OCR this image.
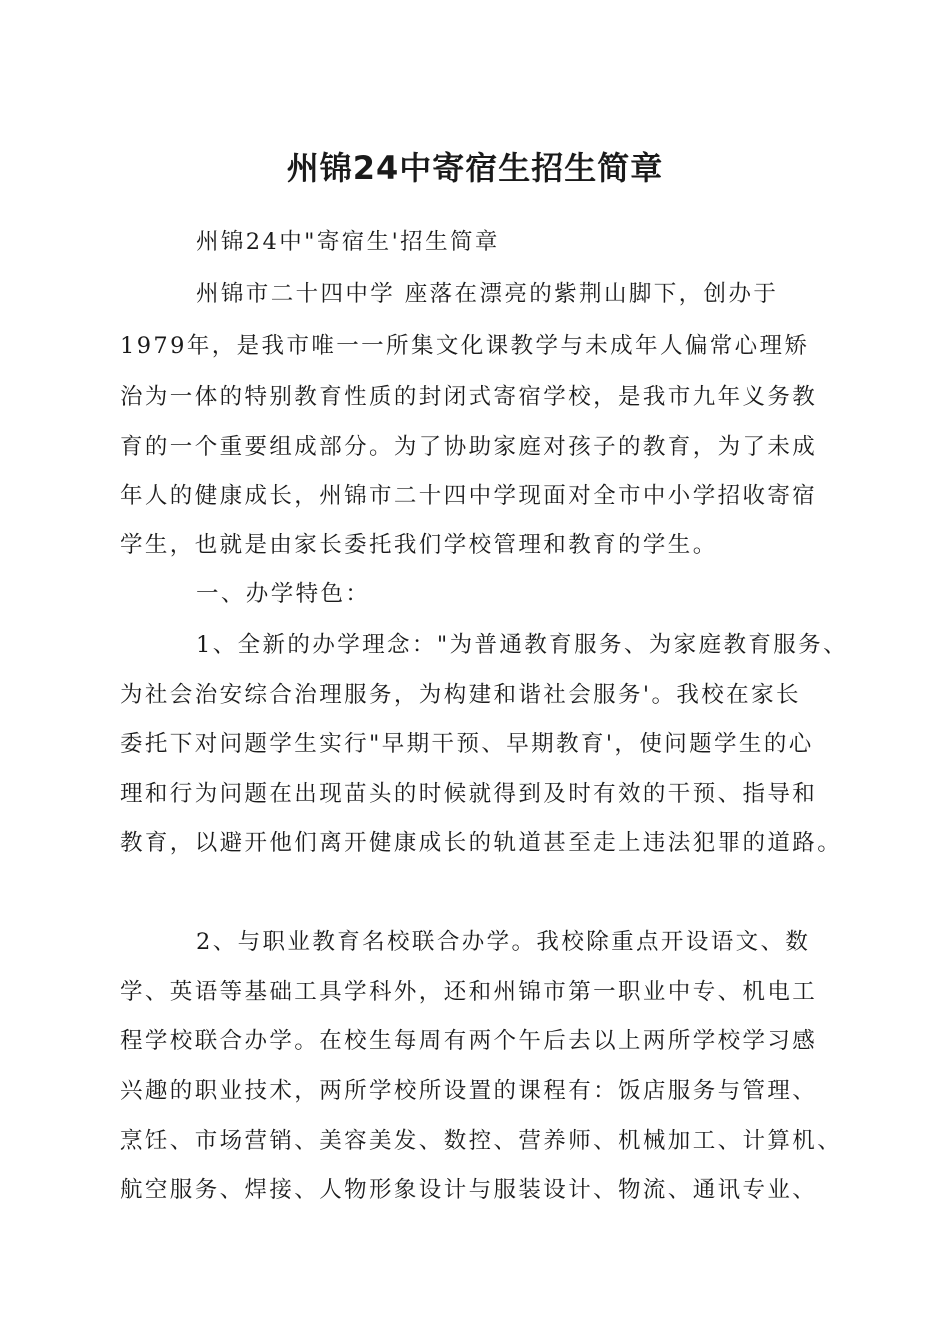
州锦24中寄宿生招生简章

州锦24中"寄宿生'招生简章

州锦市二十四中学 座落在漂亮的紫荆山脚下，创办于

1979年，是我市唯一一所集文化课教学与未成年人偏常心理矫

治为一体的特别教育性质的封闭式寄宿学校，是我市九年义务教

育的一个重要组成部分。为了协助家庭对孩子的教育，为了未成

年人的健康成长，州锦市二十四中学现面对全市中小学招收寄宿

学生，也就是由家长委托我们学校管理和教育的学生。

一、办学特色：

1、全新的办学理念："为普通教育服务、为家庭教育服务、

为社会治安综合治理服务，为构建和谐社会服务'。我校在家长

委托下对问题学生实行"早期干预、早期教育'，使问题学生的心

理和行为问题在出现苗头的时候就得到及时有效的干预、指导和

教育，以避开他们离开健康成长的轨道甚至走上违法犯罪的道路。

2、与职业教育名校联合办学。我校除重点开设语文、数

学、英语等基础工具学科外，还和州锦市第一职业中专、机电工

程学校联合办学。在校生每周有两个午后去以上两所学校学习感

兴趣的职业技术，两所学校所设置的课程有：饭店服务与管理、

烹饪、市场营销、美容美发、数控、营养师、机械加工、计算机、

航空服务、焊接、人物形象设计与服装设计、物流、通讯专业、
